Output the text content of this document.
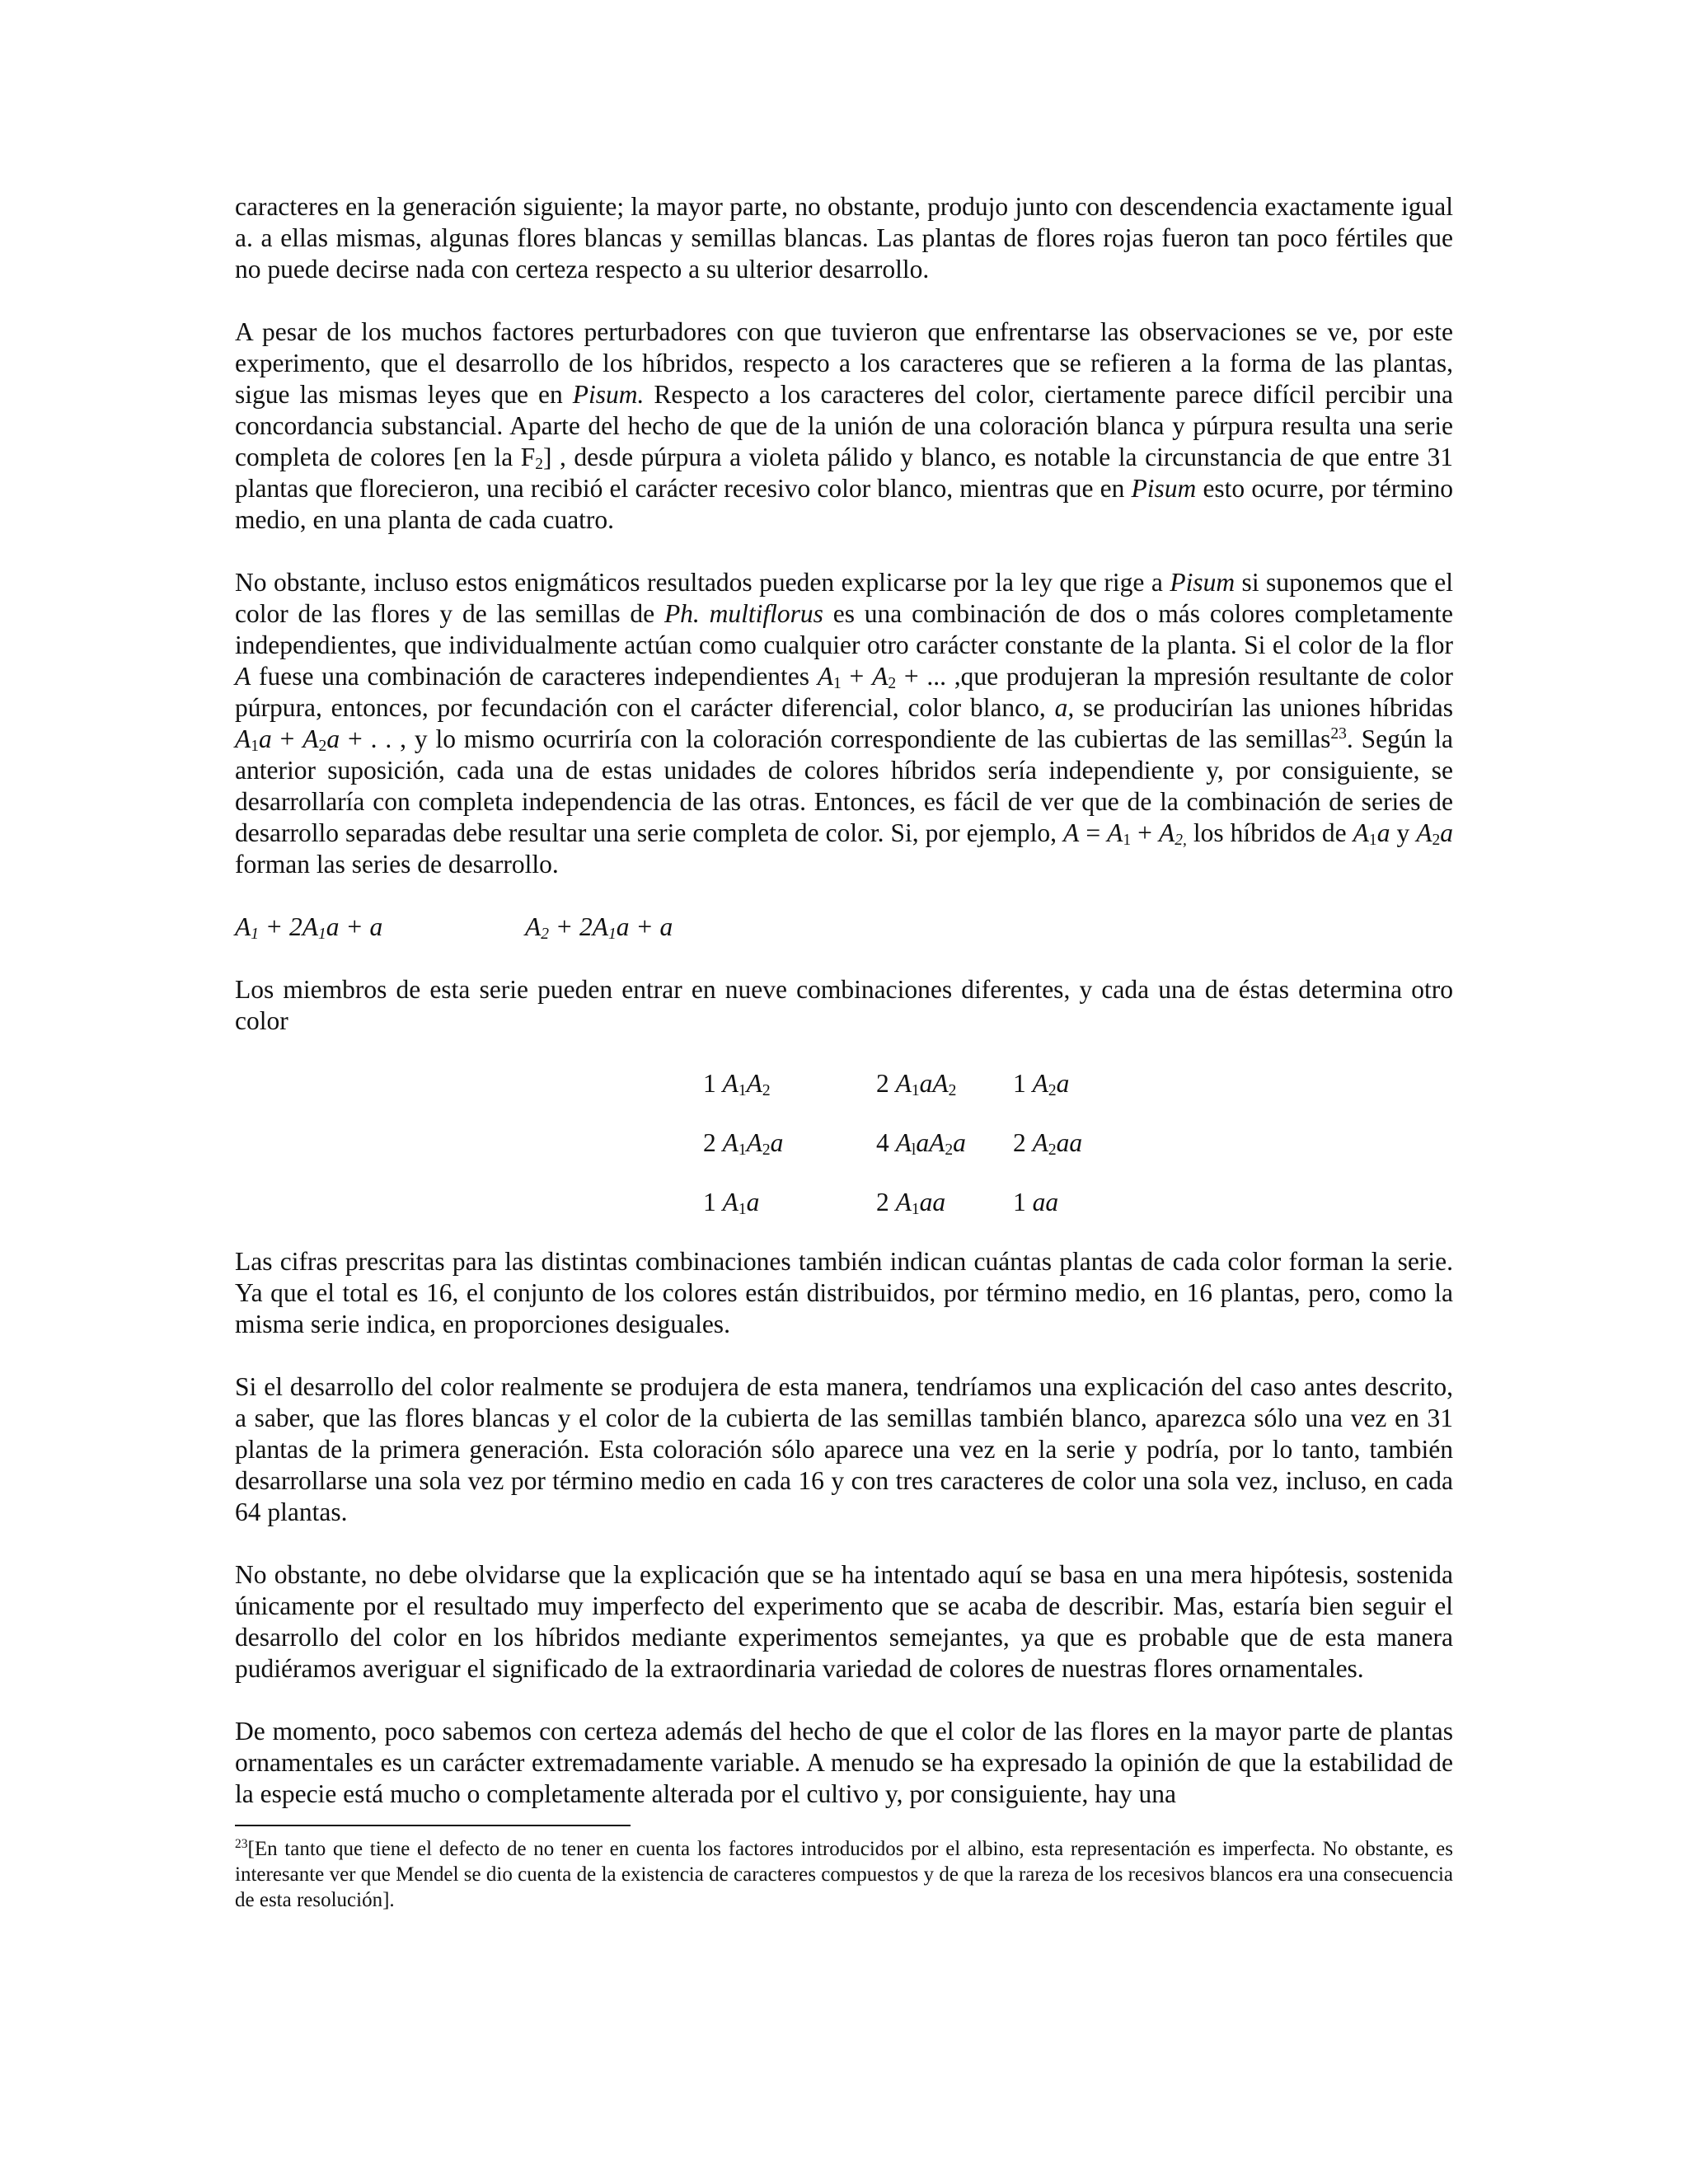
caracteres en la generación siguiente; la mayor parte, no obstante, produjo junto con descendencia exactamente igual a. a ellas mismas, algunas flores blancas y semillas blancas. Las plantas de flores rojas fueron tan poco fértiles que no puede decirse nada con certeza respecto a su ulterior desarrollo.

A pesar de los muchos factores perturbadores con que tuvieron que enfrentarse las observaciones se ve, por este experimento, que el desarrollo de los híbridos, respecto a los caracteres que se refieren a la forma de las plantas, sigue las mismas leyes que en Pisum. Respecto a los caracteres del color, ciertamente parece difícil percibir una concordancia substancial. Aparte del hecho de que de la unión de una coloración blanca y púrpura resulta una serie completa de colores [en la $F_2$] , desde púrpura a violeta pálido y blanco, es notable la circunstancia de que entre 31 plantas que florecieron, una recibió el carácter recesivo color blanco, mientras que en Pisum esto ocurre, por término medio, en una planta de cada cuatro.

No obstante, incluso estos enigmáticos resultados pueden explicarse por la ley que rige a Pisum si suponemos que el color de las flores y de las semillas de Ph. multiflorus es una combinación de dos o más colores completamente independientes, que individualmente actúan como cualquier otro carácter constante de la planta. Si el color de la flor A fuese una combinación de caracteres independientes $A_1 + A_2$ + ... ,que produjeran la mpresión resultante de color púrpura, entonces, por fecundación con el carácter diferencial, color blanco, a, se producirían las uniones híbridas $A_1a + A_2a$ + . . , y lo mismo ocurriría con la coloración correspondiente de las cubiertas de las semillas$^{23}$. Según la anterior suposición, cada una de estas unidades de colores híbridos sería independiente y, por consiguiente, se desarrollaría con completa independencia de las otras. Entonces, es fácil de ver que de la combinación de series de desarrollo separadas debe resultar una serie completa de color. Si, por ejemplo, $A = A_1 + A_{2,}$ los híbridos de $A_1a$ y $A_2a$ forman las series de desarrollo.

$A_1 + 2A_1a + a$	$A_2 + 2A_1a + a$

Los miembros de esta serie pueden entrar en nueve combinaciones diferentes, y cada una de éstas determina otro color

1 $A_1A_2$	2 $A_1aA_2$	1 $A_2a$
2 $A_1A_2a$	4 $A_laA_2a$	2 $A_2aa$
1 $A_1a$	2 $A_1aa$	1 aa

Las cifras prescritas para las distintas combinaciones también indican cuántas plantas de cada color forman la serie. Ya que el total es 16, el conjunto de los colores están distribuidos, por término medio, en 16 plantas, pero, como la misma serie indica, en proporciones desiguales.

Si el desarrollo del color realmente se produjera de esta manera, tendríamos una explicación del caso antes descrito, a saber, que las flores blancas y el color de la cubierta de las semillas también blanco, aparezca sólo una vez en 31 plantas de la primera generación. Esta coloración sólo aparece una vez en la serie y podría, por lo tanto, también desarrollarse una sola vez por término medio en cada 16 y con tres caracteres de color una sola vez, incluso, en cada 64 plantas.

No obstante, no debe olvidarse que la explicación que se ha intentado aquí se basa en una mera hipótesis, sostenida únicamente por el resultado muy imperfecto del experimento que se acaba de describir. Mas, estaría bien seguir el desarrollo del color en los híbridos mediante experimentos semejantes, ya que es probable que de esta manera pudiéramos averiguar el significado de la extraordinaria variedad de colores de nuestras flores ornamentales.

De momento, poco sabemos con certeza además del hecho de que el color de las flores en la mayor parte de plantas ornamentales es un carácter extremadamente variable. A menudo se ha expresado la opinión de que la estabilidad de la especie está mucho o completamente alterada por el cultivo y, por consiguiente, hay una

$^{23}$[En tanto que tiene el defecto de no tener en cuenta los factores introducidos por el albino, esta representación es imperfecta. No obstante, es interesante ver que Mendel se dio cuenta de la existencia de caracteres compuestos y de que la rareza de los recesivos blancos era una consecuencia de esta resolución].
